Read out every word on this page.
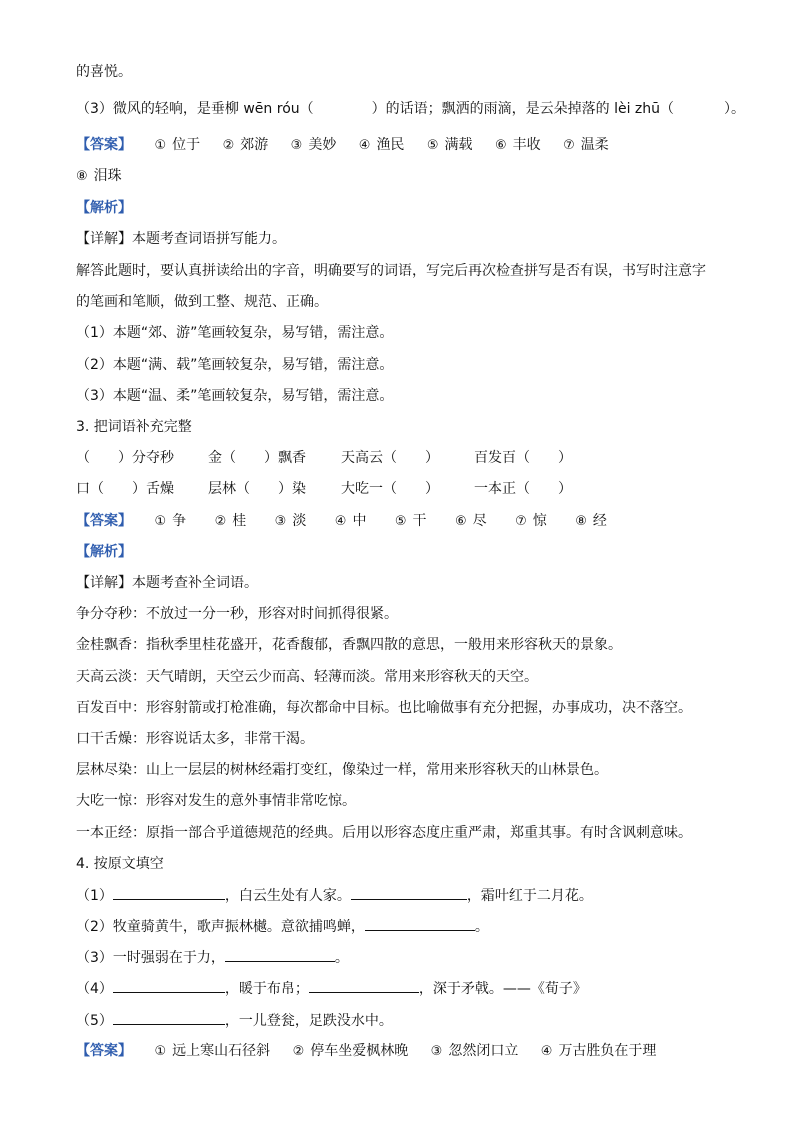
的喜悦。
（3）微风的轻响，是垂柳 wēn róu（	）的话语；飘洒的雨滴，是云朵掉落的 lèi zhū（	）。
【答案】 ① 位于 ② 郊游 ③ 美妙 ④ 渔民 ⑤ 满载 ⑥ 丰收 ⑦ 温柔
⑧ 泪珠
【解析】
【详解】本题考查词语拼写能力。
解答此题时，要认真拼读给出的字音，明确要写的词语，写完后再次检查拼写是否有误，书写时注意字
的笔画和笔顺，做到工整、规范、正确。
（1）本题“郊、游”笔画较复杂，易写错，需注意。
（2）本题“满、载”笔画较复杂，易写错，需注意。
（3）本题“温、柔”笔画较复杂，易写错，需注意。
3. 把词语补充完整
（　　）分夺秒 金（　　）飘香	天高云（　　）	百发百（　　）
口（　　）舌燥 层林（　　）染	大吃一（　　）	一本正（　　）
【答案】 ① 争 ② 桂 ③ 淡 ④ 中 ⑤ 干 ⑥ 尽 ⑦ 惊 ⑧ 经
【解析】
【详解】本题考查补全词语。
争分夺秒：不放过一分一秒，形容对时间抓得很紧。
金桂飘香：指秋季里桂花盛开，花香馥郁，香飘四散的意思，一般用来形容秋天的景象。
天高云淡：天气晴朗，天空云少而高、轻薄而淡。常用来形容秋天的天空。
百发百中：形容射箭或打枪准确，每次都命中目标。也比喻做事有充分把握，办事成功，决不落空。
口干舌燥：形容说话太多，非常干渴。
层林尽染：山上一层层的树林经霜打变红，像染过一样，常用来形容秋天的山林景色。
大吃一惊：形容对发生的意外事情非常吃惊。
一本正经：原指一部合乎道德规范的经典。后用以形容态度庄重严肃，郑重其事。有时含讽刺意味。
4. 按原文填空
（1）	，白云生处有人家。	，霜叶红于二月花。
（2）牧童骑黄牛，歌声振林樾。意欲捕鸣蝉，	。
（3）一时强弱在于力，	。
（4）	，暖于布帛；	，深于矛戟。——《荀子》
（5）	，一儿登瓮，足跌没水中。
【答案】 ① 远上寒山石径斜 ② 停车坐爱枫林晚 ③ 忽然闭口立 ④ 万古胜负在于理
